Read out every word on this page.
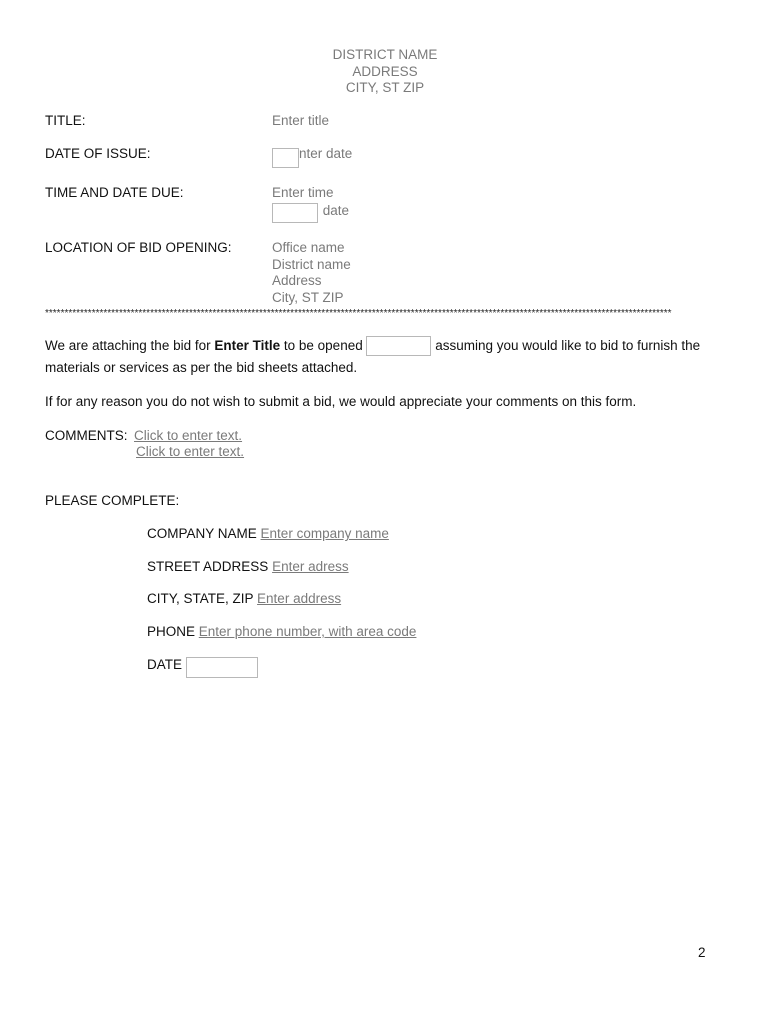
DISTRICT NAME
ADDRESS
CITY, ST ZIP
TITLE:	Enter title
DATE OF ISSUE:	nter date
TIME AND DATE DUE:	Enter time
date
LOCATION OF BID OPENING:	Office name
District name
Address
City, ST ZIP
*****************************************************************************************************************************************************************
We are attaching the bid for Enter Title to be opened	assuming you would like to bid to furnish the materials or services as per the bid sheets attached.
If for any reason you do not wish to submit a bid, we would appreciate your comments on this form.
COMMENTS: Click to enter text.
Click to enter text.
PLEASE COMPLETE:
COMPANY NAME Enter company name
STREET ADDRESS Enter adress
CITY, STATE, ZIP Enter address
PHONE Enter phone number, with area code
DATE
2
